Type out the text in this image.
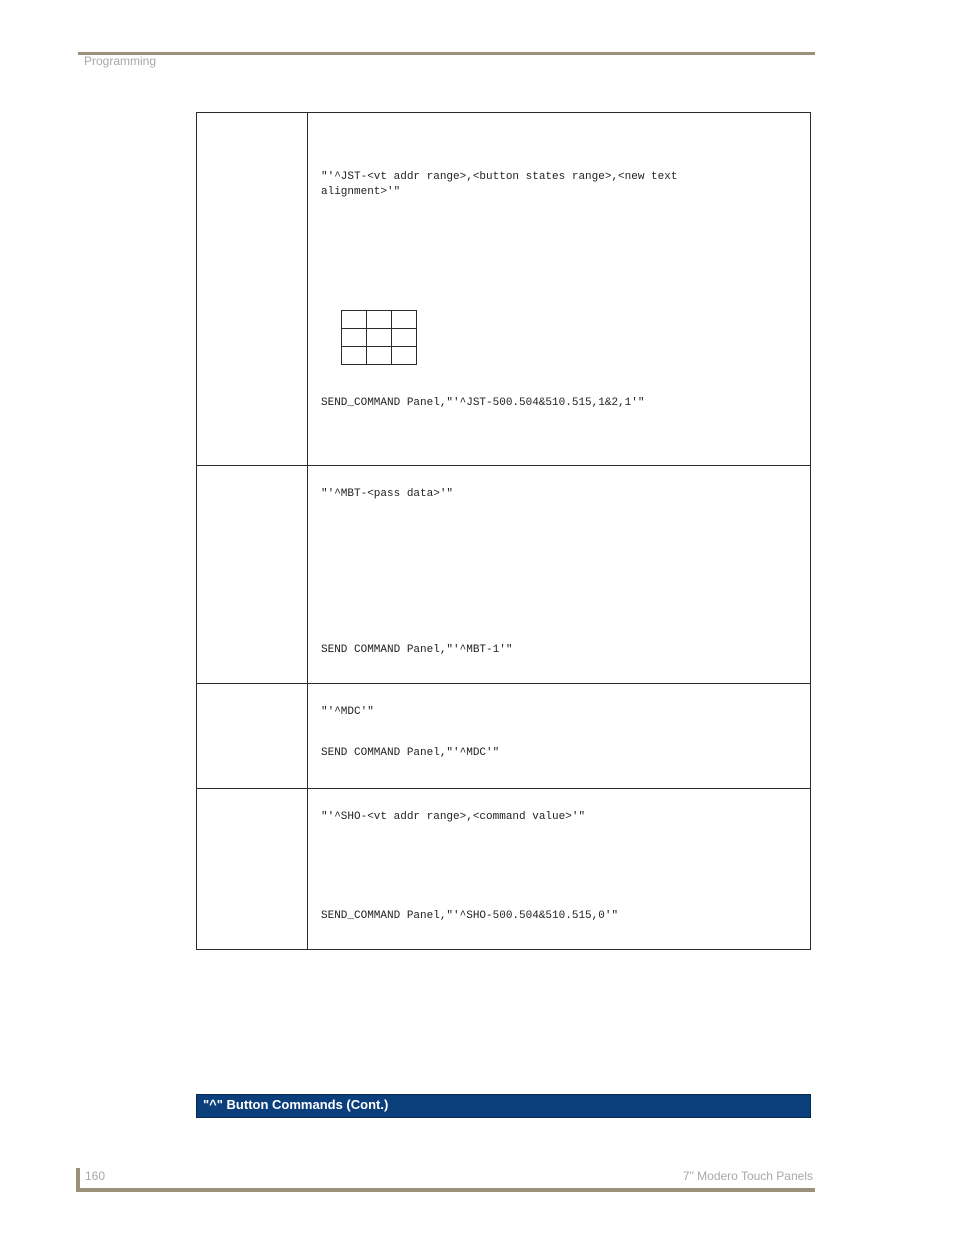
Programming

"'^JST-<vt addr range>,<button states range>,<new text alignment>'"

SEND_COMMAND Panel,"'^JST-500.504&510.515,1&2,1'"

"'^MBT-<pass data>'"
SEND COMMAND Panel,"'^MBT-1'"

"'^MDC'"
SEND COMMAND Panel,"'^MDC'"

"'^SHO-<vt addr range>,<command value>'"
SEND_COMMAND Panel,"'^SHO-500.504&510.515,0'"
"^" Button Commands (Cont.)
160	7" Modero Touch Panels
